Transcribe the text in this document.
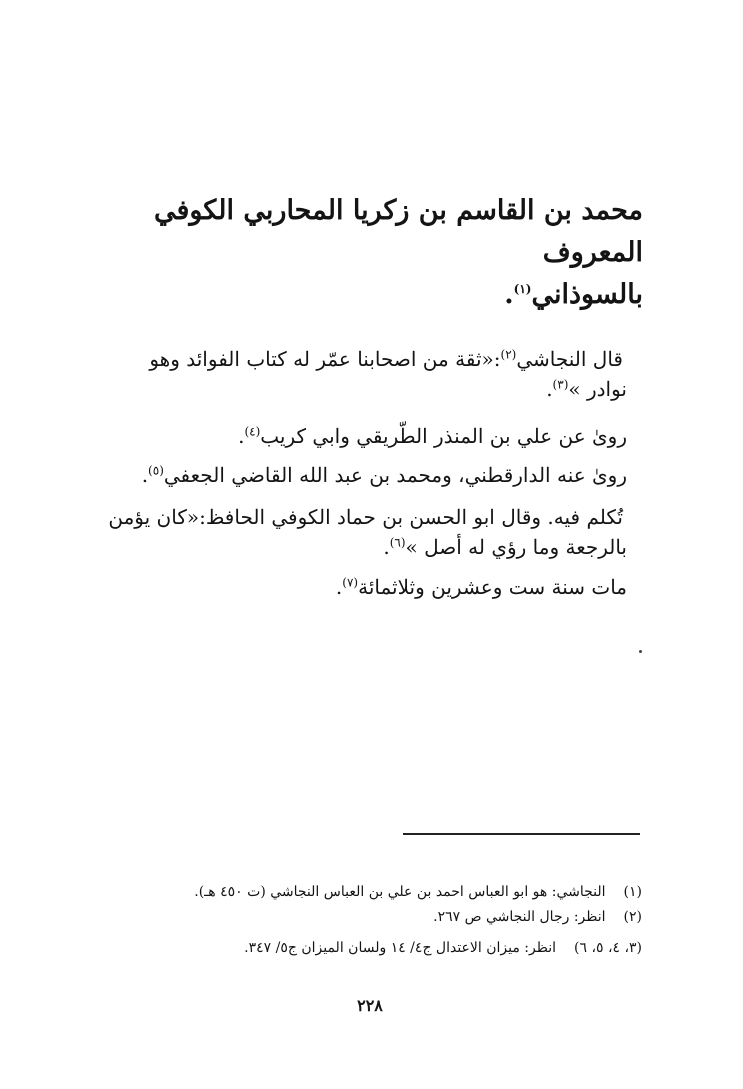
محمد بن القاسم بن زكريا المحاربي الكوفي المعروف
بالسوذاني$^{(١)}$.
قال النجاشي$^{(٢)}$:«ثقة من اصحابنا عمّر له كتاب الفوائد وهو
نوادر »$^{(٣)}$.
روىٰ عن علي بن المنذر الطّريقي وابي كريب$^{(٤)}$.
روىٰ عنه الدارقطني، ومحمد بن عبد الله القاضي الجعفي$^{(٥)}$.
تُكلم فيه. وقال ابو الحسن بن حماد الكوفي الحافظ:«كان يؤمن
بالرجعة وما رؤي له أصل »$^{(٦)}$.
مات سنة ست وعشرين وثلاثمائة$^{(٧)}$.
(١)النجاشي: هو ابو العباس احمد بن علي بن العباس النجاشي (ت ٤٥٠ هـ).
(٢)انظر: رجال النجاشي ص ٢٦٧.
(٣، ٤، ٥، ٦)انظر: ميزان الاعتدال ج٤/ ١٤ ولسان الميزان ج٥/ ٣٤٧.
٢٢٨
